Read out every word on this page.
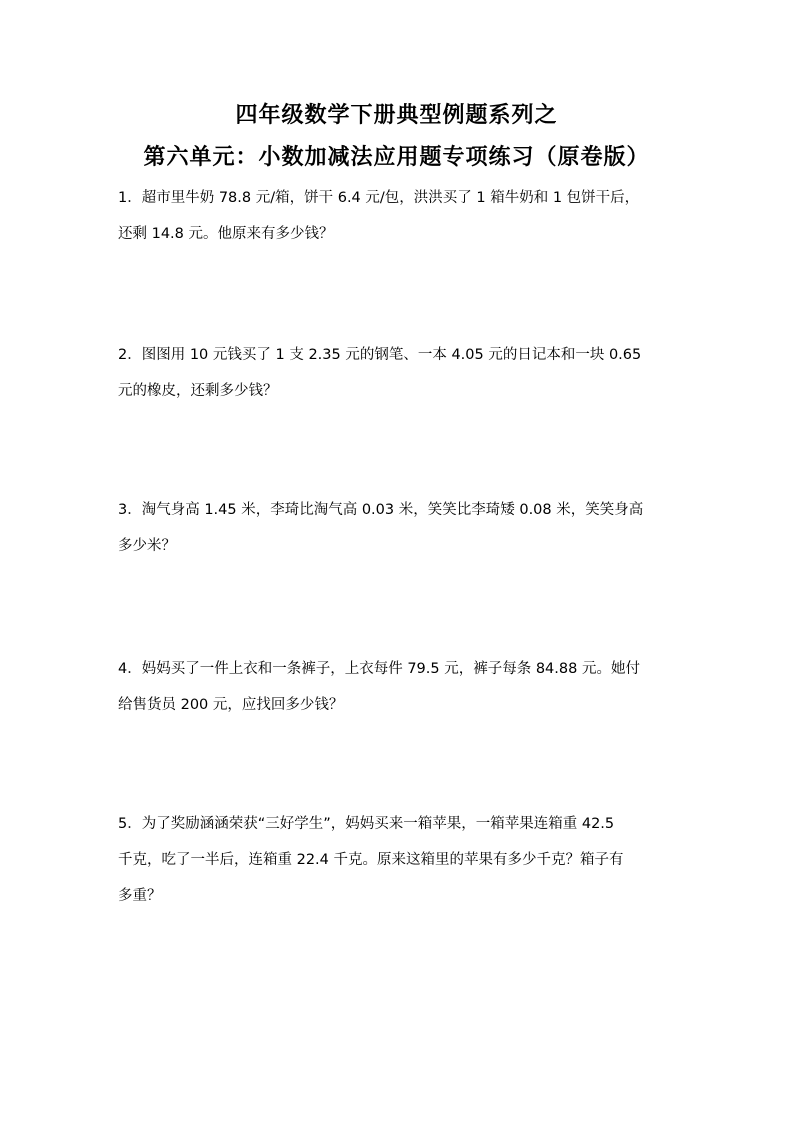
四年级数学下册典型例题系列之
第六单元：小数加减法应用题专项练习（原卷版）
1．超市里牛奶 78.8 元/箱，饼干 6.4 元/包，洪洪买了 1 箱牛奶和 1 包饼干后，
还剩 14.8 元。他原来有多少钱？
2．图图用 10 元钱买了 1 支 2.35 元的钢笔、一本 4.05 元的日记本和一块 0.65
元的橡皮，还剩多少钱？
3．淘气身高 1.45 米，李琦比淘气高 0.03 米，笑笑比李琦矮 0.08 米，笑笑身高
多少米？
4．妈妈买了一件上衣和一条裤子，上衣每件 79.5 元，裤子每条 84.88 元。她付
给售货员 200 元，应找回多少钱？
5．为了奖励涵涵荣获“三好学生”，妈妈买来一箱苹果，一箱苹果连箱重 42.5
千克，吃了一半后，连箱重 22.4 千克。原来这箱里的苹果有多少千克？箱子有
多重？
